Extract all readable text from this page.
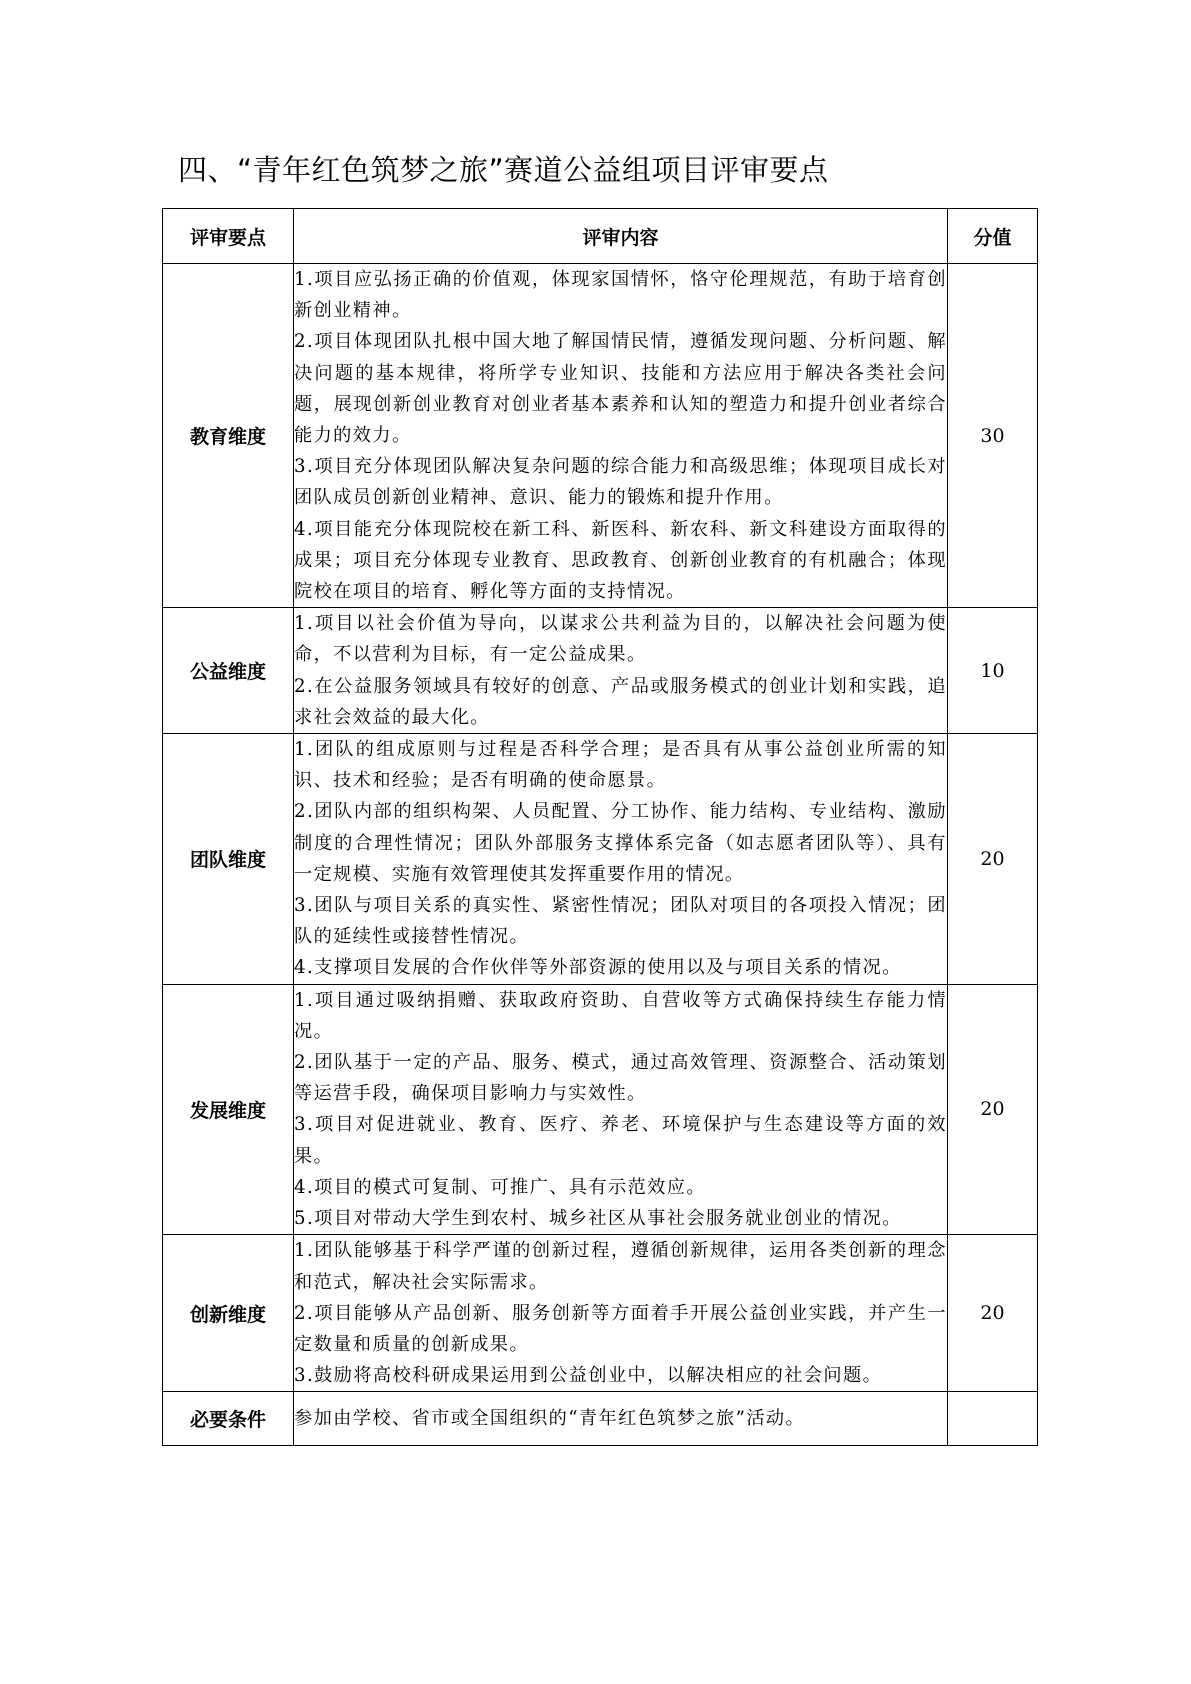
四、“青年红色筑梦之旅”赛道公益组项目评审要点
评审要点	评审内容	分值
教育维度	1.项目应弘扬正确的价值观，体现家国情怀，恪守伦理规范，有助于培育创新创业精神。
2.项目体现团队扎根中国大地了解国情民情，遵循发现问题、分析问题、解决问题的基本规律，将所学专业知识、技能和方法应用于解决各类社会问题，展现创新创业教育对创业者基本素养和认知的塑造力和提升创业者综合能力的效力。
3.项目充分体现团队解决复杂问题的综合能力和高级思维；体现项目成长对团队成员创新创业精神、意识、能力的锻炼和提升作用。
4.项目能充分体现院校在新工科、新医科、新农科、新文科建设方面取得的成果；项目充分体现专业教育、思政教育、创新创业教育的有机融合；体现院校在项目的培育、孵化等方面的支持情况。	30
公益维度	1.项目以社会价值为导向，以谋求公共利益为目的，以解决社会问题为使命，不以营利为目标，有一定公益成果。
2.在公益服务领域具有较好的创意、产品或服务模式的创业计划和实践，追求社会效益的最大化。	10
团队维度	1.团队的组成原则与过程是否科学合理；是否具有从事公益创业所需的知识、技术和经验；是否有明确的使命愿景。
2.团队内部的组织构架、人员配置、分工协作、能力结构、专业结构、激励制度的合理性情况；团队外部服务支撑体系完备（如志愿者团队等）、具有一定规模、实施有效管理使其发挥重要作用的情况。
3.团队与项目关系的真实性、紧密性情况；团队对项目的各项投入情况；团队的延续性或接替性情况。
4.支撑项目发展的合作伙伴等外部资源的使用以及与项目关系的情况。	20
发展维度	1.项目通过吸纳捐赠、获取政府资助、自营收等方式确保持续生存能力情况。
2.团队基于一定的产品、服务、模式，通过高效管理、资源整合、活动策划等运营手段，确保项目影响力与实效性。
3.项目对促进就业、教育、医疗、养老、环境保护与生态建设等方面的效果。
4.项目的模式可复制、可推广、具有示范效应。
5.项目对带动大学生到农村、城乡社区从事社会服务就业创业的情况。	20
创新维度	1.团队能够基于科学严谨的创新过程，遵循创新规律，运用各类创新的理念和范式，解决社会实际需求。
2.项目能够从产品创新、服务创新等方面着手开展公益创业实践，并产生一定数量和质量的创新成果。
3.鼓励将高校科研成果运用到公益创业中，以解决相应的社会问题。	20
必要条件	参加由学校、省市或全国组织的“青年红色筑梦之旅”活动。	
